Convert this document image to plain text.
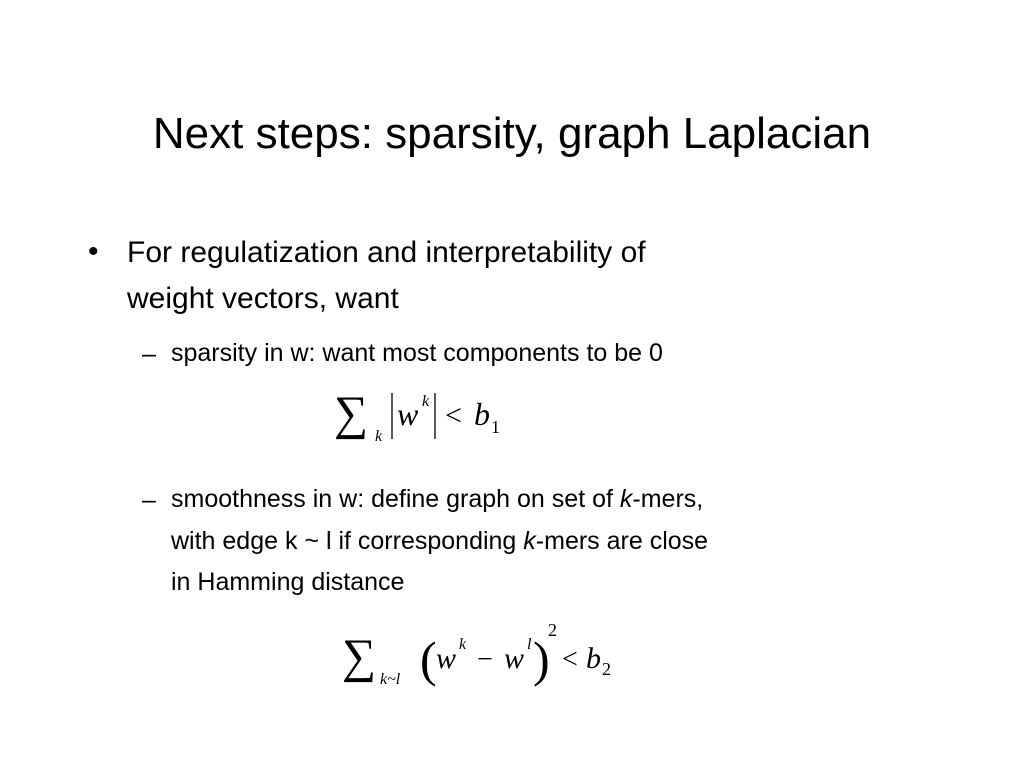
Next steps: sparsity, graph Laplacian
• For regulatization and interpretability of
weight vectors, want
– sparsity in w: want most components to be 0
∑ k
w k < b 1
– smoothness in w: define graph on set of k-mers,
with edge k ~ l if corresponding k-mers are close
in Hamming distance
∑ k~l ( w k − w l )
2
< b 2
